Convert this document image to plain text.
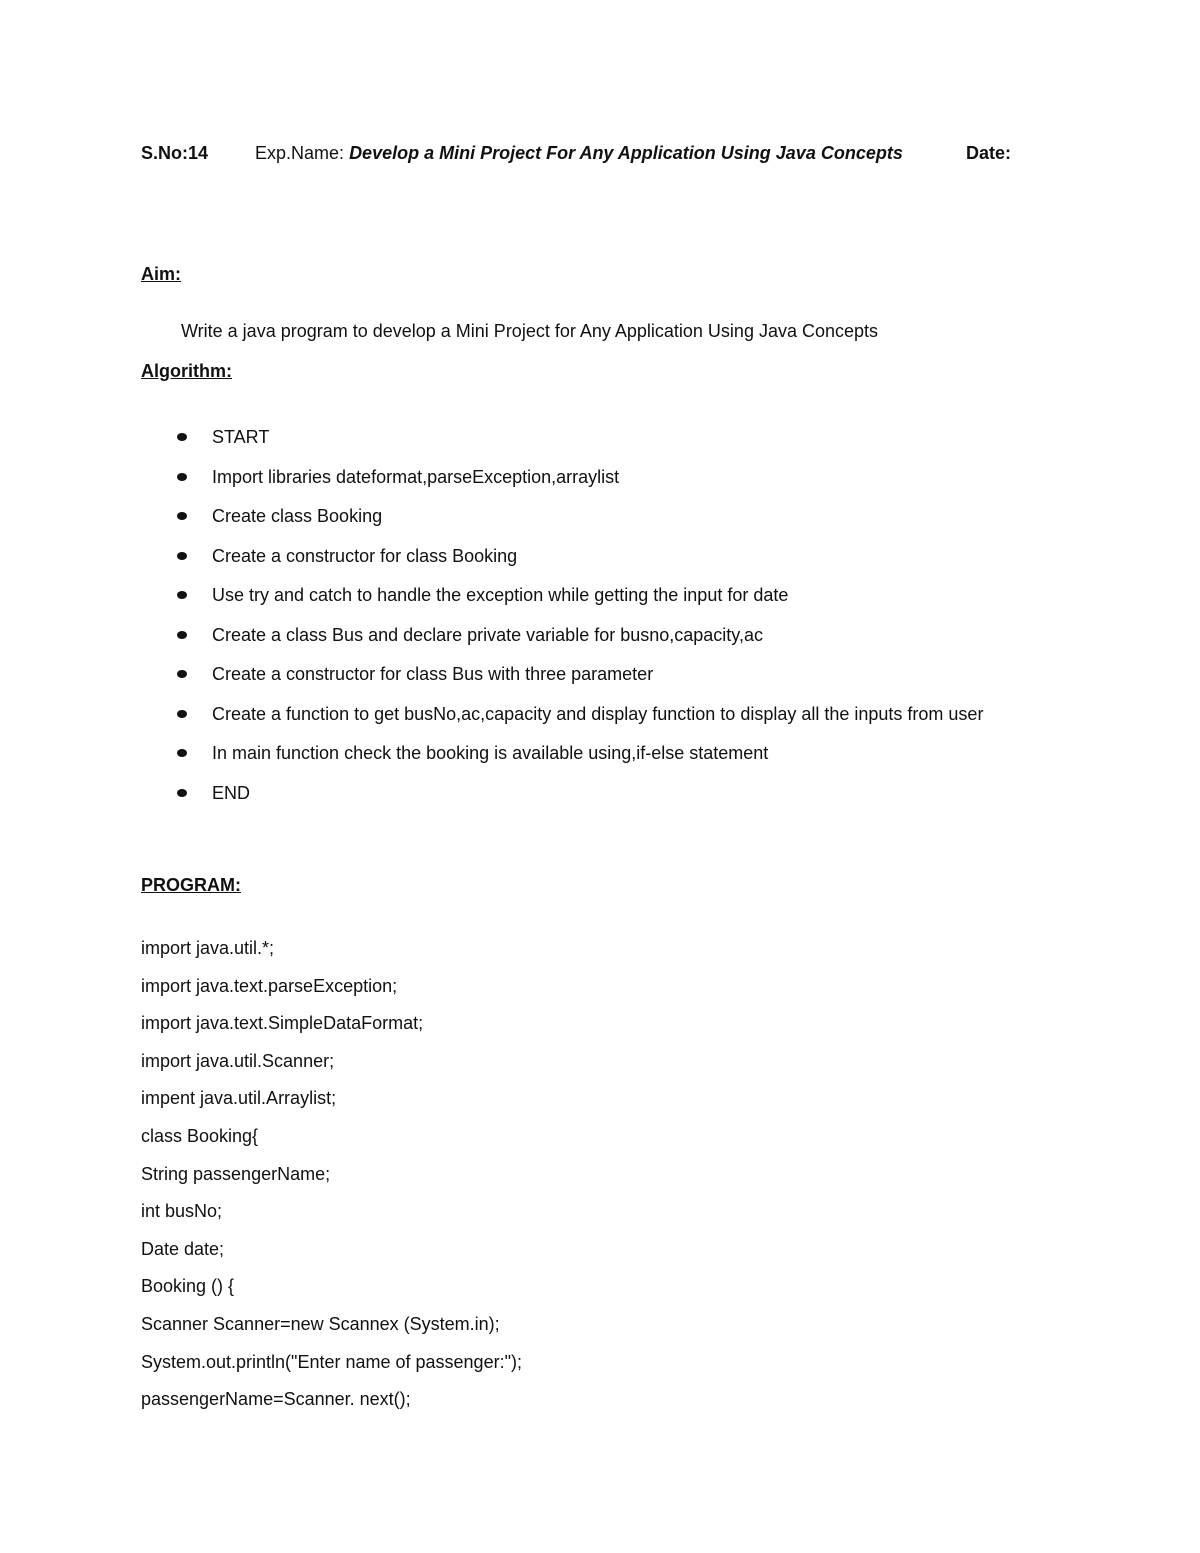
S.No:14	Exp.Name: Develop a Mini Project For Any Application Using Java Concepts	Date:
Aim:
Write a java program to develop a Mini Project for Any Application Using Java Concepts
Algorithm:
START
Import libraries dateformat,parseException,arraylist
Create class Booking
Create a constructor for class Booking
Use try and catch to handle the exception while getting the input for date
Create a class Bus and declare private variable for busno,capacity,ac
Create a constructor for class Bus with three parameter
Create a function to get busNo,ac,capacity and display function to display all the inputs from user
In main function check the booking is available using,if-else statement
END
PROGRAM:
import java.util.*;
import java.text.parseException;
import java.text.SimpleDataFormat;
import java.util.Scanner;
impent java.util.Arraylist;
class Booking{
String passengerName;
int busNo;
Date date;
Booking () {
Scanner Scanner=new Scannex (System.in);
System.out.println("Enter name of passenger:");
passengerName=Scanner. next();
